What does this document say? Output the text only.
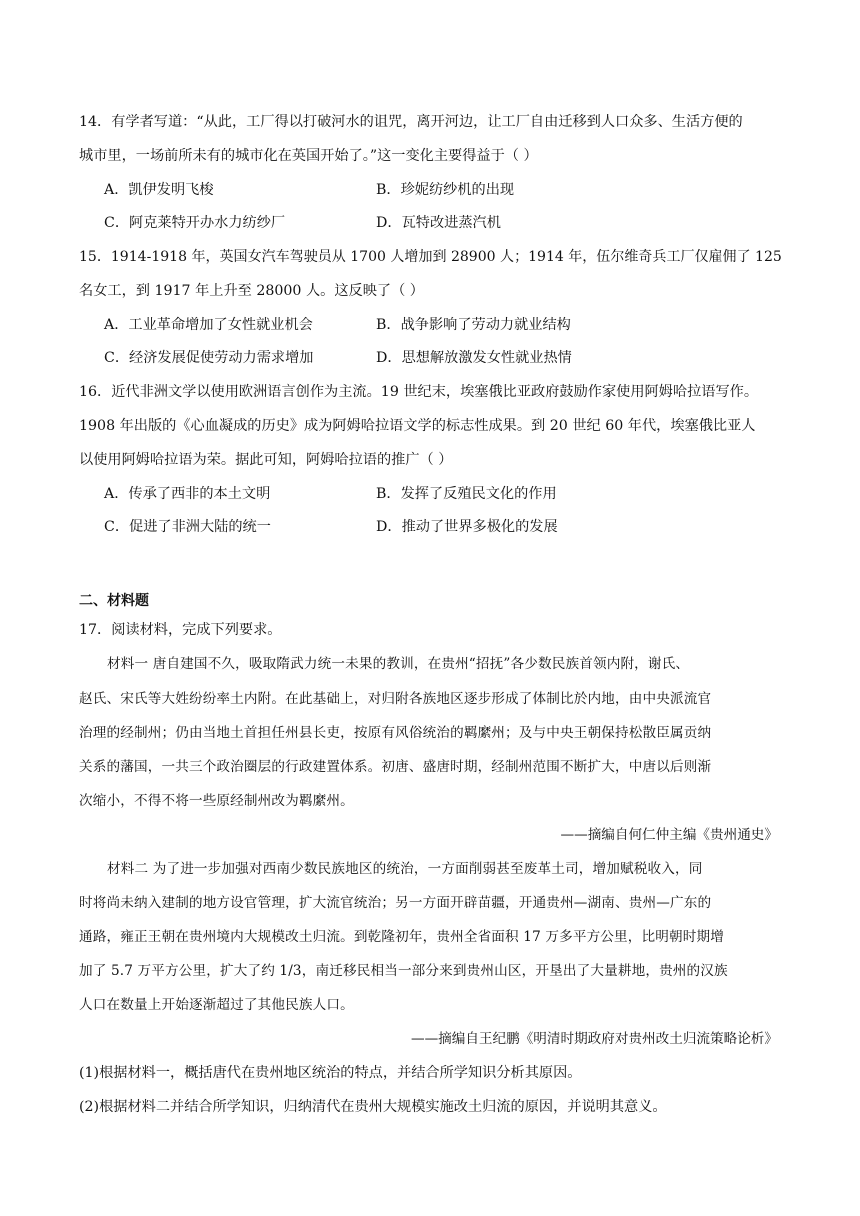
14．有学者写道：“从此，工厂得以打破河水的诅咒，离开河边，让工厂自由迁移到人口众多、生活方便的
城市里，一场前所未有的城市化在英国开始了。”这一变化主要得益于（ ）
A．凯伊发明飞梭	B．珍妮纺纱机的出现
C．阿克莱特开办水力纺纱厂	D．瓦特改进蒸汽机
15．1914-1918 年，英国女汽车驾驶员从 1700 人增加到 28900 人；1914 年，伍尔维奇兵工厂仅雇佣了 125
名女工，到 1917 年上升至 28000 人。这反映了（ ）
A．工业革命增加了女性就业机会	B．战争影响了劳动力就业结构
C．经济发展促使劳动力需求增加	D．思想解放激发女性就业热情
16．近代非洲文学以使用欧洲语言创作为主流。19 世纪末，埃塞俄比亚政府鼓励作家使用阿姆哈拉语写作。
1908 年出版的《心血凝成的历史》成为阿姆哈拉语文学的标志性成果。到 20 世纪 60 年代，埃塞俄比亚人
以使用阿姆哈拉语为荣。据此可知，阿姆哈拉语的推广（ ）
A．传承了西非的本土文明	B．发挥了反殖民文化的作用
C．促进了非洲大陆的统一	D．推动了世界多极化的发展
二、材料题
17．阅读材料，完成下列要求。
材料一 唐自建国不久，吸取隋武力统一未果的教训，在贵州“招抚”各少数民族首领内附，谢氏、
赵氏、宋氏等大姓纷纷率土内附。在此基础上，对归附各族地区逐步形成了体制比於内地，由中央派流官
治理的经制州；仍由当地土首担任州县长吏，按原有风俗统治的羁縻州；及与中央王朝保持松散臣属贡纳
关系的藩国，一共三个政治圈层的行政建置体系。初唐、盛唐时期，经制州范围不断扩大，中唐以后则渐
次缩小，不得不将一些原经制州改为羁縻州。
——摘编自何仁仲主编《贵州通史》
材料二 为了进一步加强对西南少数民族地区的统治，一方面削弱甚至废革土司，增加赋税收入，同
时将尚未纳入建制的地方设官管理，扩大流官统治；另一方面开辟苗疆，开通贵州—湖南、贵州—广东的
通路，雍正王朝在贵州境内大规模改土归流。到乾隆初年，贵州全省面积 17 万多平方公里，比明朝时期增
加了 5.7 万平方公里，扩大了约 1/3，南迁移民相当一部分来到贵州山区，开垦出了大量耕地，贵州的汉族
人口在数量上开始逐渐超过了其他民族人口。
——摘编自王纪鹏《明清时期政府对贵州改土归流策略论析》
(1)根据材料一，概括唐代在贵州地区统治的特点，并结合所学知识分析其原因。
(2)根据材料二并结合所学知识，归纳清代在贵州大规模实施改土归流的原因，并说明其意义。
